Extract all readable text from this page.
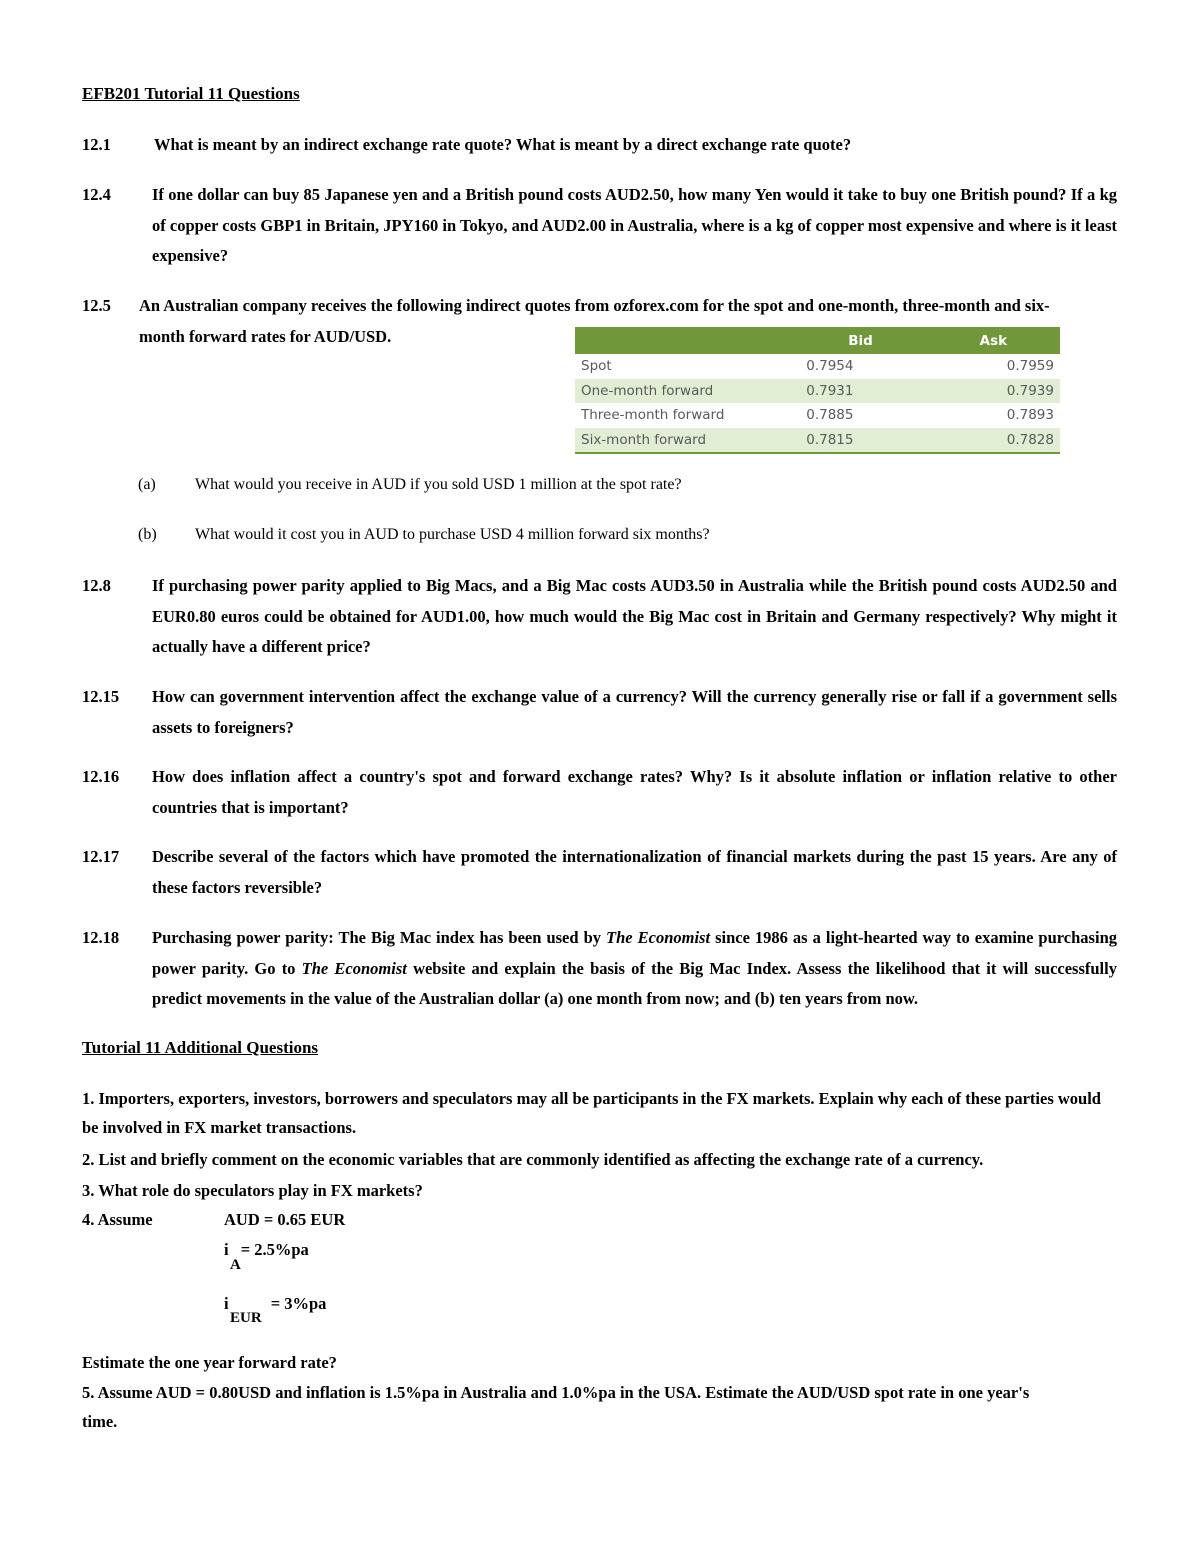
EFB201 Tutorial 11 Questions
12.1	What is meant by an indirect exchange rate quote? What is meant by a direct exchange rate quote?
12.4 If one dollar can buy 85 Japanese yen and a British pound costs AUD2.50, how many Yen would it take to buy one British pound? If a kg of copper costs GBP1 in Britain, JPY160 in Tokyo, and AUD2.00 in Australia, where is a kg of copper most expensive and where is it least expensive?
12.5 An Australian company receives the following indirect quotes from ozforex.com for the spot and one-month, three-month and six-
month forward rates for AUD/USD.
		Bid	Ask
Spot	0.7954	0.7959
One-month forward	0.7931	0.7939
Three-month forward	0.7885	0.7893
Six-month forward	0.7815	0.7828
(a) What would you receive in AUD if you sold USD 1 million at the spot rate?
(b) What would it cost you in AUD to purchase USD 4 million forward six months?
12.8 If purchasing power parity applied to Big Macs, and a Big Mac costs AUD3.50 in Australia while the British pound costs AUD2.50 and EUR0.80 euros could be obtained for AUD1.00, how much would the Big Mac cost in Britain and Germany respectively? Why might it actually have a different price?
12.15 How can government intervention affect the exchange value of a currency? Will the currency generally rise or fall if a government sells assets to foreigners?
12.16 How does inflation affect a country's spot and forward exchange rates? Why? Is it absolute inflation or inflation relative to other countries that is important?
12.17 Describe several of the factors which have promoted the internationalization of financial markets during the past 15 years. Are any of these factors reversible?
12.18 Purchasing power parity: The Big Mac index has been used by The Economist since 1986 as a light-hearted way to examine purchasing power parity. Go to The Economist website and explain the basis of the Big Mac Index. Assess the likelihood that it will successfully predict movements in the value of the Australian dollar (a) one month from now; and (b) ten years from now.
Tutorial 11 Additional Questions
1. Importers, exporters, investors, borrowers and speculators may all be participants in the FX markets. Explain why each of these parties would
be involved in FX market transactions.
2. List and briefly comment on the economic variables that are commonly identified as affecting the exchange rate of a currency.
3. What role do speculators play in FX markets?
4. Assume	AUD = 0.65 EUR
i = 2.5%pa
A
i	= 3%pa
EUR
Estimate the one year forward rate?
5. Assume AUD = 0.80USD and inflation is 1.5%pa in Australia and 1.0%pa in the USA. Estimate the AUD/USD spot rate in one year's
time.
